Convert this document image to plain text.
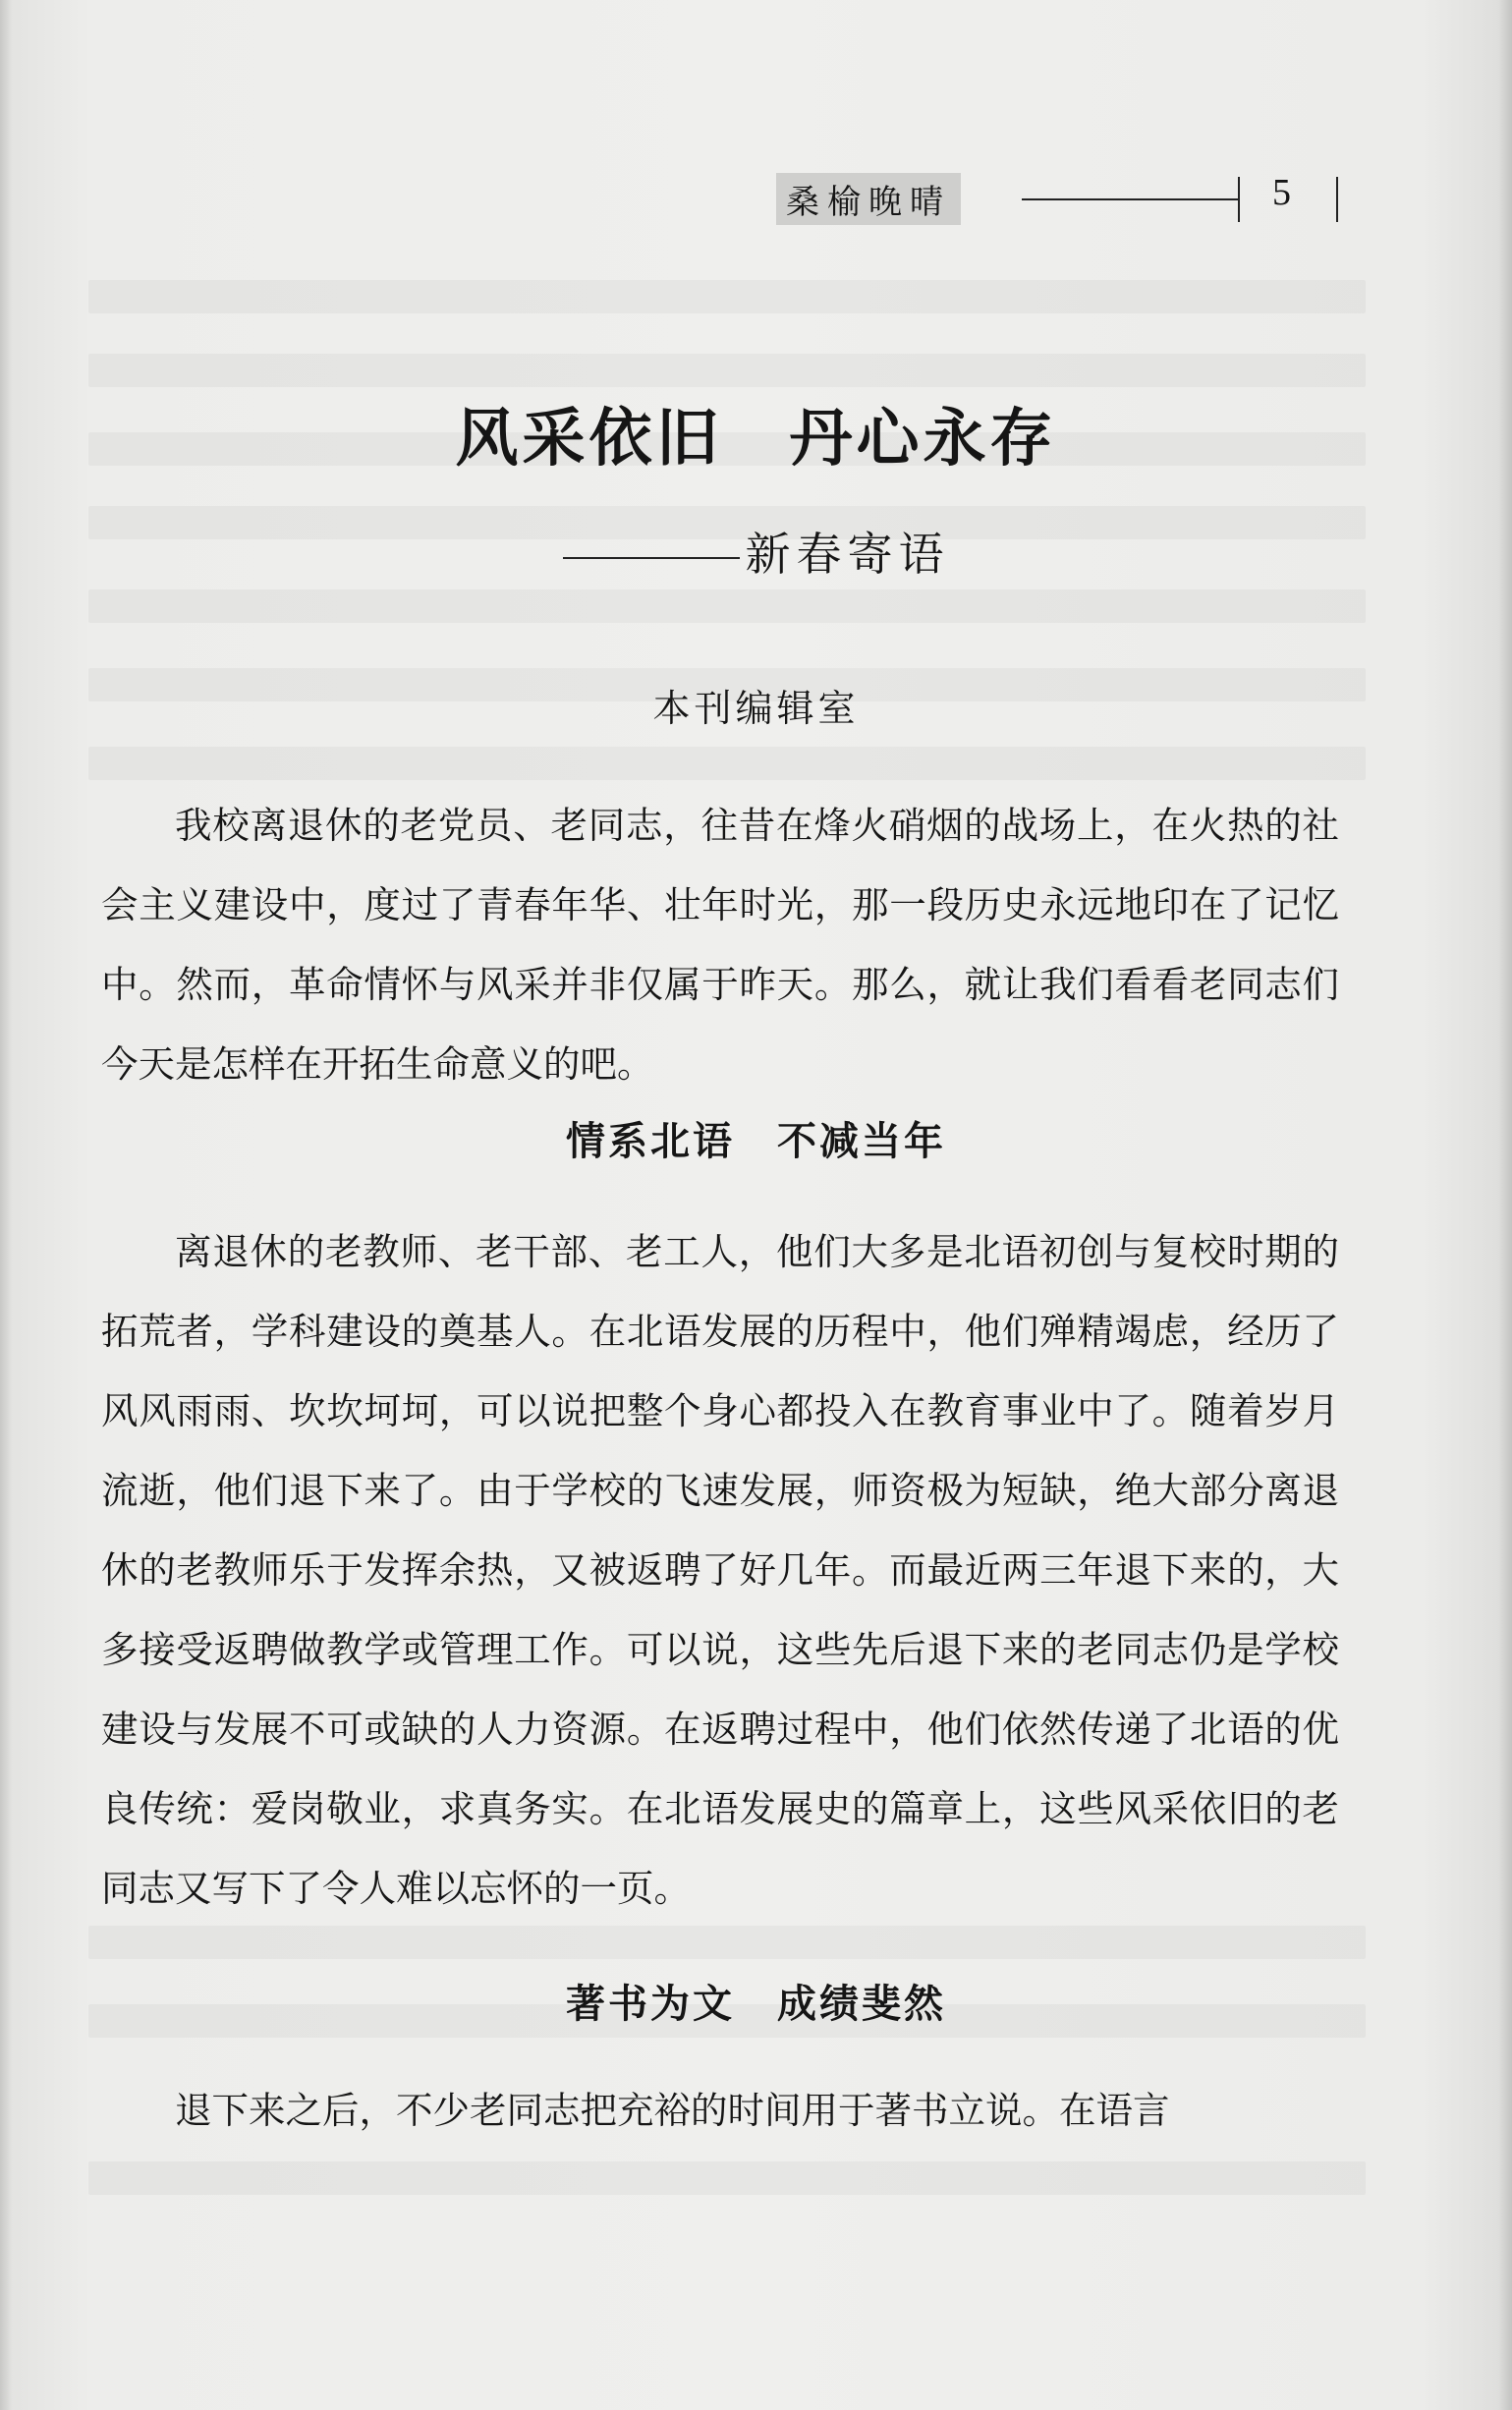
桑榆晚晴	5
风采依旧　丹心永存
新春寄语
本刊编辑室

我校离退休的老党员、老同志，往昔在烽火硝烟的战场上，在火热的社会主义建设中，度过了青春年华、壮年时光，那一段历史永远地印在了记忆中。然而，革命情怀与风采并非仅属于昨天。那么，就让我们看看老同志们今天是怎样在开拓生命意义的吧。

情系北语　不减当年

离退休的老教师、老干部、老工人，他们大多是北语初创与复校时期的拓荒者，学科建设的奠基人。在北语发展的历程中，他们殚精竭虑，经历了风风雨雨、坎坎坷坷，可以说把整个身心都投入在教育事业中了。随着岁月流逝，他们退下来了。由于学校的飞速发展，师资极为短缺，绝大部分离退休的老教师乐于发挥余热，又被返聘了好几年。而最近两三年退下来的，大多接受返聘做教学或管理工作。可以说，这些先后退下来的老同志仍是学校建设与发展不可或缺的人力资源。在返聘过程中，他们依然传递了北语的优良传统：爱岗敬业，求真务实。在北语发展史的篇章上，这些风采依旧的老同志又写下了令人难以忘怀的一页。

著书为文　成绩斐然

退下来之后，不少老同志把充裕的时间用于著书立说。在语言
